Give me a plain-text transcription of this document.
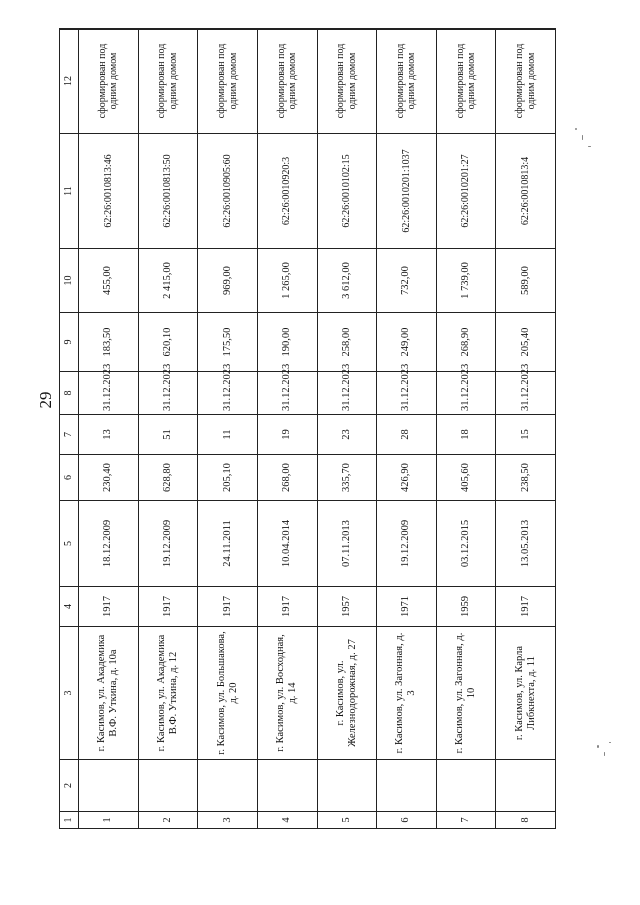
29
1	2	3	4	5	6	7	8	9	10	11	12
1		г. Касимов, ул. Академика В.Ф. Уткина, д. 10а	1917	18.12.2009	230,40	13	31.12.2023	183,50	455,00	62:26:0010813:46	сформирован под одним домом
2		г. Касимов, ул. Академика В.Ф. Уткина, д. 12	1917	19.12.2009	628,80	51	31.12.2023	620,10	2 415,00	62:26:0010813:50	сформирован под одним домом
3		г. Касимов, ул. Большакова, д. 20	1917	24.11.2011	205,10	11	31.12.2023	175,50	969,00	62:26:0010905:60	сформирован под одним домом
4		г. Касимов, ул. Восходная, д. 14	1917	10.04.2014	268,00	19	31.12.2023	190,00	1 265,00	62:26:0010920:3	сформирован под одним домом
5		г. Касимов, ул. Железнодорожная, д. 27	1957	07.11.2013	335,70	23	31.12.2023	258,00	3 612,00	62:26:0010102:15	сформирован под одним домом
6		г. Касимов, ул. Загонная, д. 3	1971	19.12.2009	426,90	28	31.12.2023	249,00	732,00	62:26:0010201:1037	сформирован под одним домом
7		г. Касимов, ул. Загонная, д. 10	1959	03.12.2015	405,60	18	31.12.2023	268,90	1 739,00	62:26:0010201:27	сформирован под одним домом
8		г. Касимов, ул. Карла Либкнехта, д. 11	1917	13.05.2013	238,50	15	31.12.2023	205,40	589,00	62:26:0010813:4	сформирован под одним домом
